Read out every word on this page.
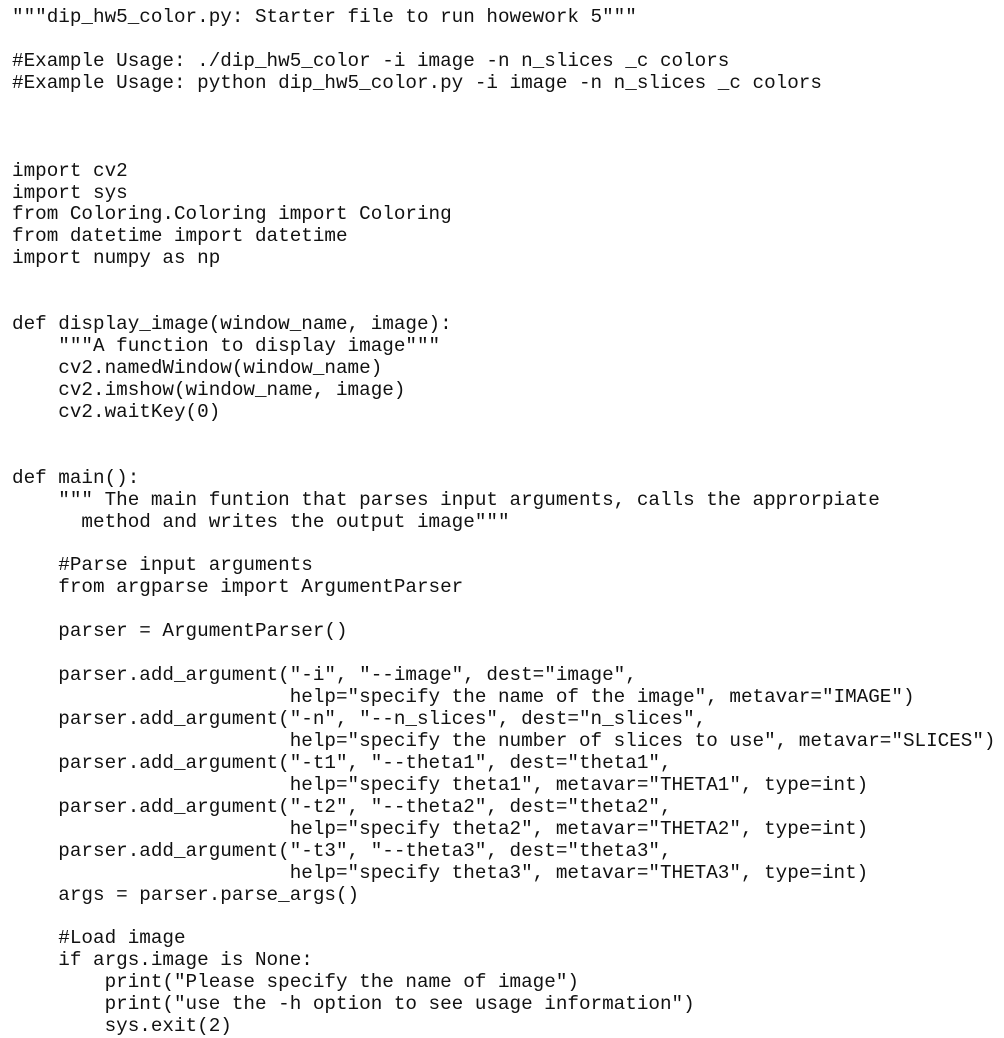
"""dip_hw5_color.py: Starter file to run howework 5"""
#Example Usage: ./dip_hw5_color -i image -n n_slices _c colors
#Example Usage: python dip_hw5_color.py -i image -n n_slices _c colors
import cv2
import sys
from Coloring.Coloring import Coloring
from datetime import datetime
import numpy as np
def display_image(window_name, image):
"""A function to display image"""
cv2.namedWindow(window_name)
cv2.imshow(window_name, image)
cv2.waitKey(0)
def main():
""" The main funtion that parses input arguments, calls the approrpiate
method and writes the output image"""
#Parse input arguments
from argparse import ArgumentParser
parser = ArgumentParser()
parser.add_argument("-i", "--image", dest="image",
help="specify the name of the image", metavar="IMAGE")
parser.add_argument("-n", "--n_slices", dest="n_slices",
help="specify the number of slices to use", metavar="SLICES")
parser.add_argument("-t1", "--theta1", dest="theta1",
help="specify theta1", metavar="THETA1", type=int)
parser.add_argument("-t2", "--theta2", dest="theta2",
help="specify theta2", metavar="THETA2", type=int)
parser.add_argument("-t3", "--theta3", dest="theta3",
help="specify theta3", metavar="THETA3", type=int)
args = parser.parse_args()
#Load image
if args.image is None:
print("Please specify the name of image")
print("use the -h option to see usage information")
sys.exit(2)
